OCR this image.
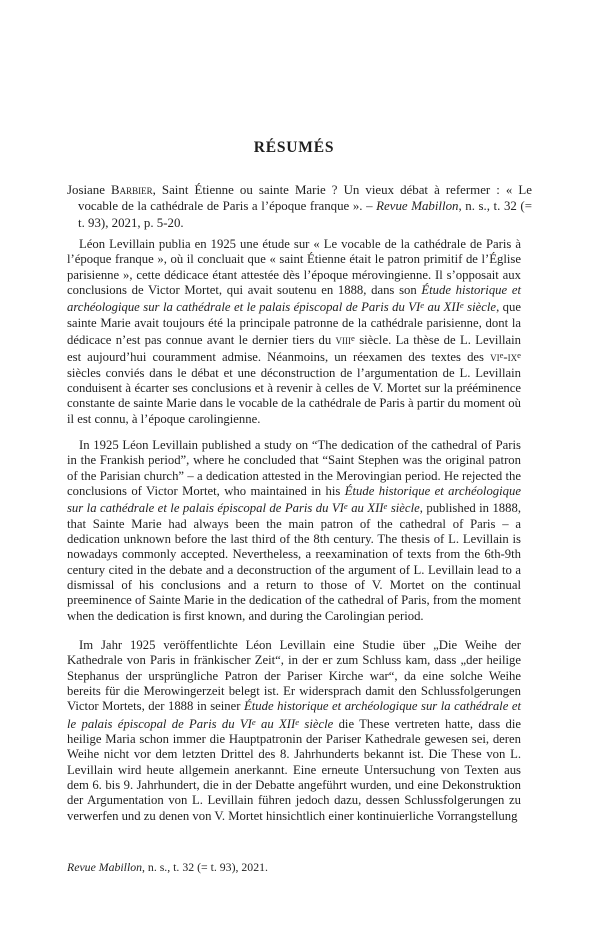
RÉSUMÉS

Josiane Barbier, Saint Étienne ou sainte Marie ? Un vieux débat à refermer : « Le vocable de la cathédrale de Paris a l’époque franque ». – Revue Mabillon, n. s., t. 32 (= t. 93), 2021, p. 5-20.

Léon Levillain publia en 1925 une étude sur « Le vocable de la cathédrale de Paris à l’époque franque », où il concluait que « saint Étienne était le patron primitif de l’Église parisienne », cette dédicace étant attestée dès l’époque mérovingienne. Il s’opposait aux conclusions de Victor Mortet, qui avait soutenu en 1888, dans son Étude historique et archéologique sur la cathédrale et le palais épiscopal de Paris du VIe au XIIe siècle, que sainte Marie avait toujours été la principale patronne de la cathédrale parisienne, dont la dédicace n’est pas connue avant le dernier tiers du viii$^e$ siècle. La thèse de L. Levillain est aujourd’hui couramment admise. Néanmoins, un réexamen des textes des $vi^e-ix^e$ siècles conviés dans le débat et une déconstruction de l’argumentation de L. Levillain conduisent à écarter ses conclusions et à revenir à celles de V. Mortet sur la prééminence constante de sainte Marie dans le vocable de la cathédrale de Paris à partir du moment où il est connu, à l’époque carolingienne.

In 1925 Léon Levillain published a study on “The dedication of the cathedral of Paris in the Frankish period”, where he concluded that “Saint Stephen was the original patron of the Parisian church” – a dedication attested in the Merovingian period. He rejected the conclusions of Victor Mortet, who maintained in his Étude historique et archéologique sur la cathédrale et le palais épiscopal de Paris du VIe au XIIe siècle, published in 1888, that Sainte Marie had always been the main patron of the cathedral of Paris – a dedication unknown before the last third of the 8th century. The thesis of L. Levillain is nowadays commonly accepted. Nevertheless, a reexamination of texts from the 6th-9th century cited in the debate and a deconstruction of the argument of L. Levillain lead to a dismissal of his conclusions and a return to those of V. Mortet on the continual preeminence of Sainte Marie in the dedication of the cathedral of Paris, from the moment when the dedication is first known, and during the Carolingian period.

Im Jahr 1925 veröffentlichte Léon Levillain eine Studie über „Die Weihe der Kathedrale von Paris in fränkischer Zeit“, in der er zum Schluss kam, dass „der heilige Stephanus der ursprüngliche Patron der Pariser Kirche war“, da eine solche Weihe bereits für die Merowingerzeit belegt ist. Er widersprach damit den Schlussfolgerungen Victor Mortets, der 1888 in seiner Étude historique et archéologique sur la cathédrale et le palais épiscopal de Paris du VIe au XIIe siècle die These vertreten hatte, dass die heilige Maria schon immer die Hauptpatronin der Pariser Kathedrale gewesen sei, deren Weihe nicht vor dem letzten Drittel des 8. Jahrhunderts bekannt ist. Die These von L. Levillain wird heute allgemein anerkannt. Eine erneute Untersuchung von Texten aus dem 6. bis 9. Jahrhundert, die in der Debatte angeführt wurden, und eine Dekonstruktion der Argumentation von L. Levillain führen jedoch dazu, dessen Schlussfolgerungen zu verwerfen und zu denen von V. Mortet hinsichtlich einer kontinuierliche Vorrangstellung

Revue Mabillon, n. s., t. 32 (= t. 93), 2021.
